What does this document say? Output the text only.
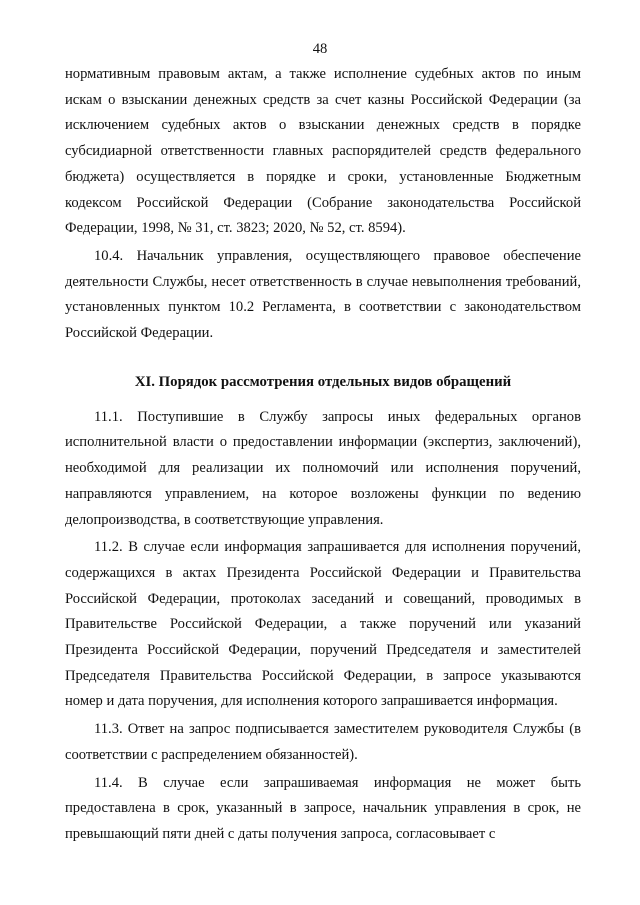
48

нормативным правовым актам, а также исполнение судебных актов по иным искам о взыскании денежных средств за счет казны Российской Федерации (за исключением судебных актов о взыскании денежных средств в порядке субсидиарной ответственности главных распорядителей средств федерального бюджета) осуществляется в порядке и сроки, установленные Бюджетным кодексом Российской Федерации (Собрание законодательства Российской Федерации, 1998, № 31, ст. 3823; 2020, № 52, ст. 8594).

10.4. Начальник управления, осуществляющего правовое обеспечение деятельности Службы, несет ответственность в случае невыполнения требований, установленных пунктом 10.2 Регламента, в соответствии с законодательством Российской Федерации.

XI. Порядок рассмотрения отдельных видов обращений

11.1. Поступившие в Службу запросы иных федеральных органов исполнительной власти о предоставлении информации (экспертиз, заключений), необходимой для реализации их полномочий или исполнения поручений, направляются управлением, на которое возложены функции по ведению делопроизводства, в соответствующие управления.

11.2. В случае если информация запрашивается для исполнения поручений, содержащихся в актах Президента Российской Федерации и Правительства Российской Федерации, протоколах заседаний и совещаний, проводимых в Правительстве Российской Федерации, а также поручений или указаний Президента Российской Федерации, поручений Председателя и заместителей Председателя Правительства Российской Федерации, в запросе указываются номер и дата поручения, для исполнения которого запрашивается информация.

11.3. Ответ на запрос подписывается заместителем руководителя Службы (в соответствии с распределением обязанностей).

11.4. В случае если запрашиваемая информация не может быть предоставлена в срок, указанный в запросе, начальник управления в срок, не превышающий пяти дней с даты получения запроса, согласовывает с
